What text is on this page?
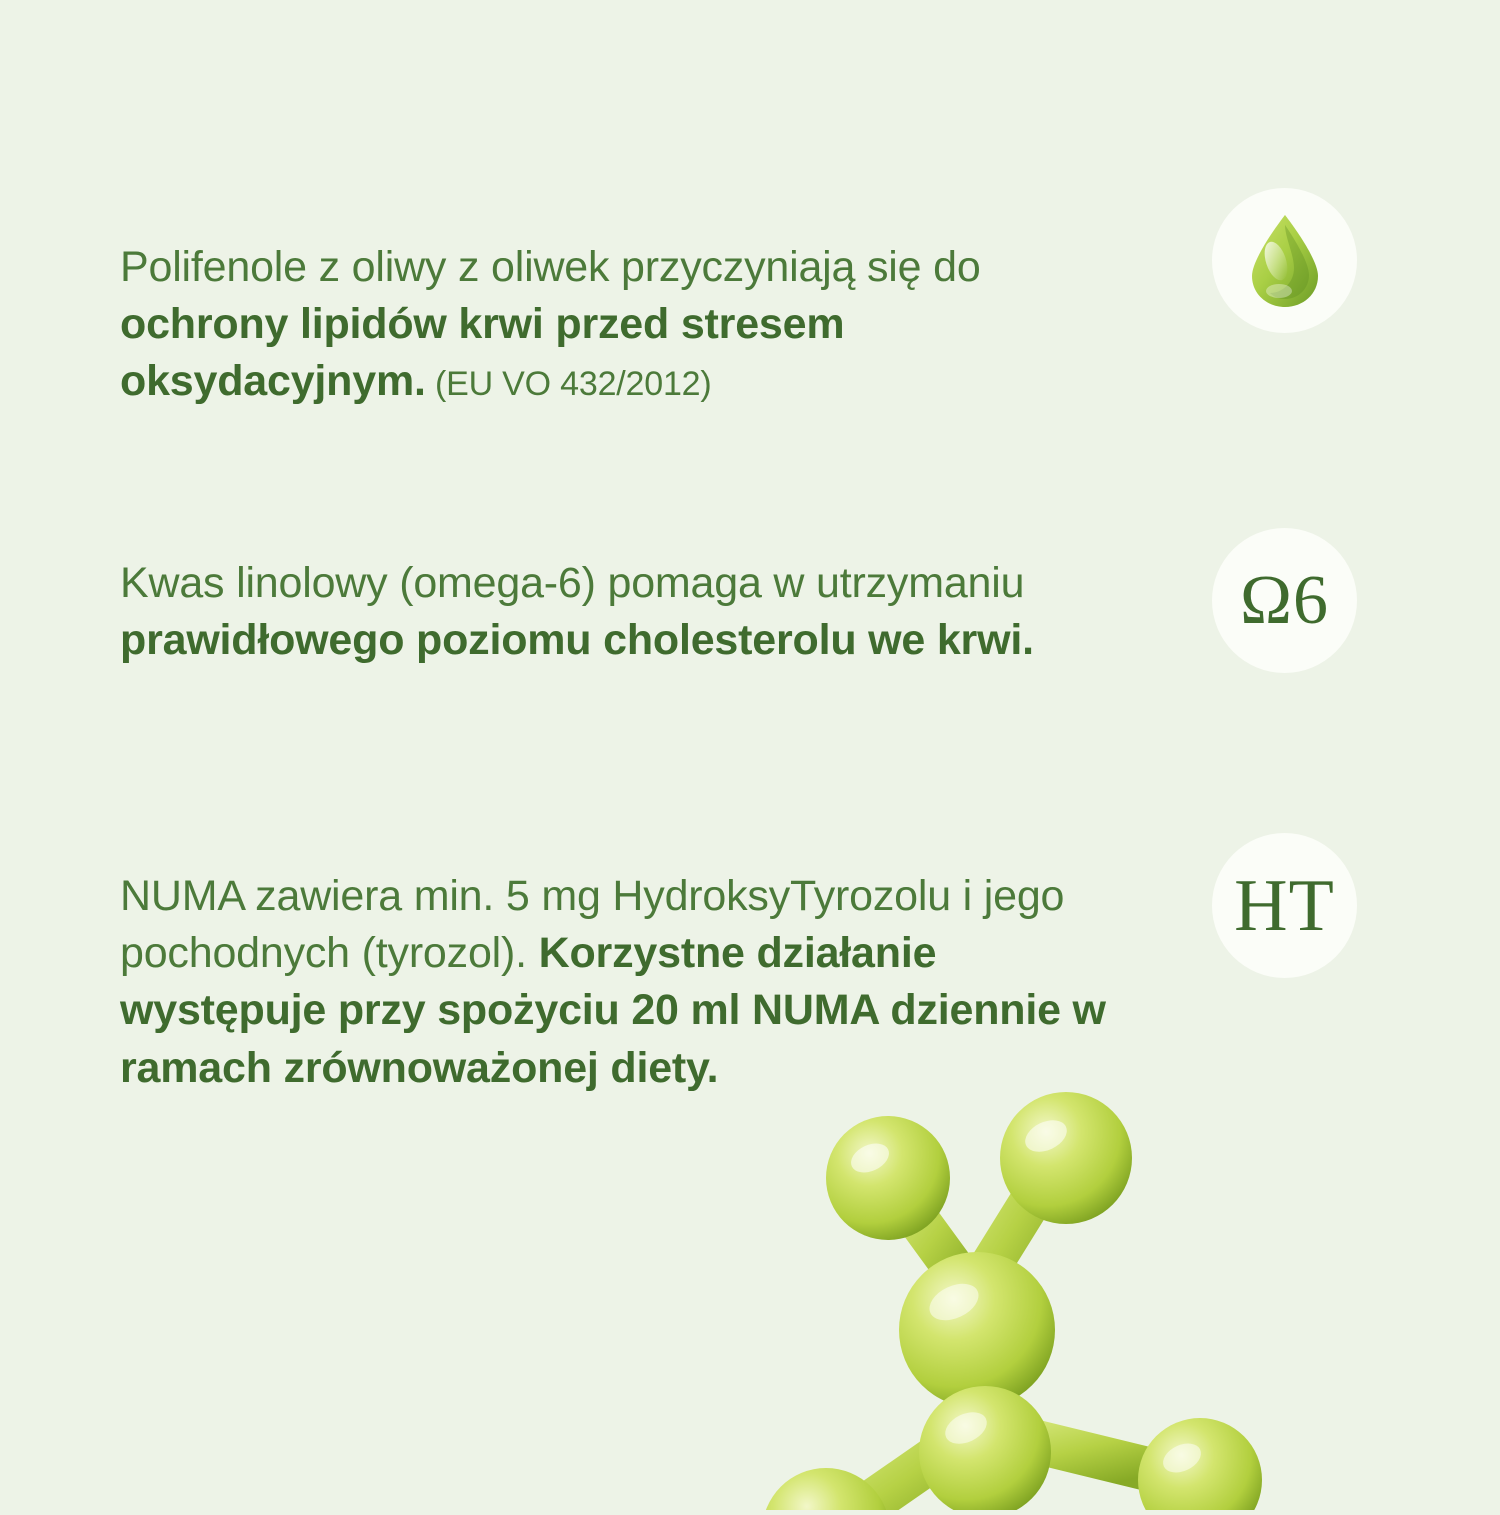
Polifenole z oliwy z oliwek przyczyniają się do ochrony lipidów krwi przed stresem oksydacyjnym. (EU VO 432/2012)

Kwas linolowy (omega-6) pomaga w utrzymaniu prawidłowego poziomu cholesterolu we krwi.

Ω6

NUMA zawiera min. 5 mg HydroksyTyrozolu i jego pochodnych (tyrozol). Korzystne działanie występuje przy spożyciu 20 ml NUMA dziennie w ramach zrównoważonej diety.

HT
